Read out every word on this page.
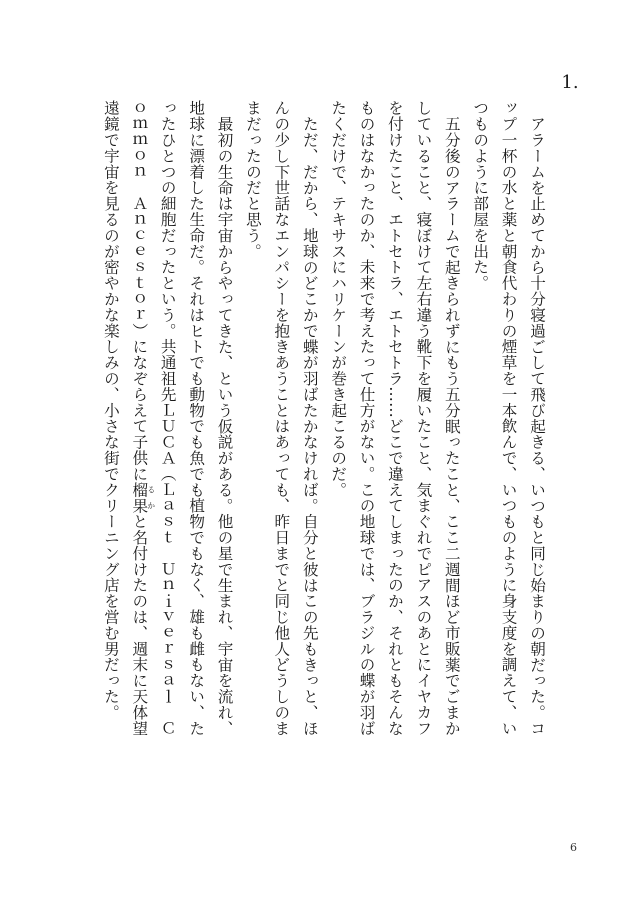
1.

アラームを止めてから十分寝過ごして飛び起きる、いつもと同じ始まりの朝だった。コップ一杯の水と薬と朝食代わりの煙草を一本飲んで、いつものように身支度を調えて、いつものように部屋を出た。

五分後のアラームで起きられずにもう五分眠ったこと、ここ二週間ほど市販薬でごまかしていること、寝ぼけて左右違う靴下を履いたこと、気まぐれでピアスのあとにイヤカフを付けたこと、エトセトラ、エトセトラ……どこで違えてしまったのか、それともそんなものはなかったのか、未来で考えたって仕方がない。この地球では、ブラジルの蝶が羽ばたくだけで、テキサスにハリケーンが巻き起こるのだ。

ただ、だから、地球のどこかで蝶が羽ばたかなければ。自分と彼はこの先もきっと、ほんの少し下世話なエンパシーを抱きあうことはあっても、昨日までと同じ他人どうしのままだったのだと思う。

最初の生命は宇宙からやってきた、という仮説がある。他の星で生まれ、宇宙を流れ、地球に漂着した生命だ。それはヒトでも動物でも魚でも植物でもなく、雄も雌もない、たったひとつの細胞だったという。共通祖先ＬＵＣＡ（Ｌａｓｔ　Ｕｎｉｖｅｒｓａｌ　Ｃｏｍｍｏｎ　Ａｎｃｅｓｔｏｒ）になぞらえて子供に榴果るかと名付けたのは、週末に天体望遠鏡で宇宙を見るのが密やかな楽しみの、小さな街でクリーニング店を営む男だった。

6
